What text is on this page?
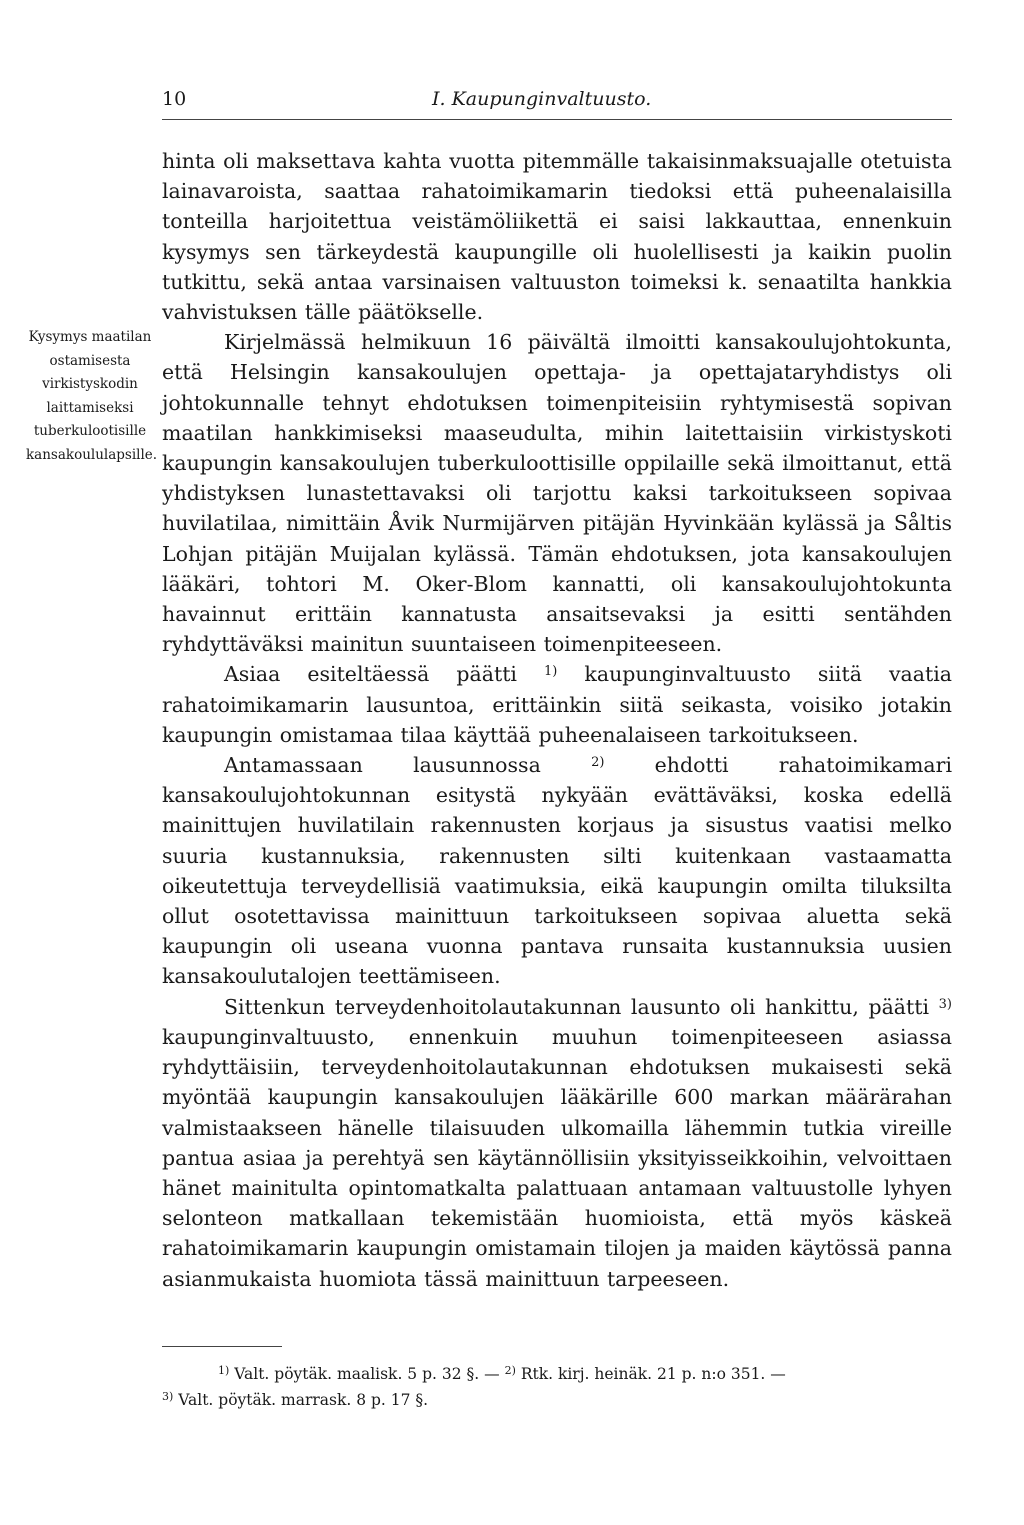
10	I. Kaupunginvaltuusto.
Kysymys maatilan ostamisesta virkistyskodin laittamiseksi tuberkulootisille kansakoululapsille.

hinta oli maksettava kahta vuotta pitemmälle takaisinmaksuajalle otetuista lainavaroista, saattaa rahatoimikamarin tiedoksi että puheenalaisilla tonteilla harjoitettua veistämöliikettä ei saisi lakkauttaa, ennenkuin kysymys sen tärkeydestä kaupungille oli huolellisesti ja kaikin puolin tutkittu, sekä antaa varsinaisen valtuuston toimeksi k. senaatilta hankkia vahvistuksen tälle päätökselle.

Kirjelmässä helmikuun 16 päivältä ilmoitti kansakoulujohtokunta, että Helsingin kansakoulujen opettaja- ja opettajataryhdistys oli johtokunnalle tehnyt ehdotuksen toimenpiteisiin ryhtymisestä sopivan maatilan hankkimiseksi maaseudulta, mihin laitettaisiin virkistyskoti kaupungin kansakoulujen tuberkuloottisille oppilaille sekä ilmoittanut, että yhdistyksen lunastettavaksi oli tarjottu kaksi tarkoitukseen sopivaa huvilatilaa, nimittäin Åvik Nurmijärven pitäjän Hyvinkään kylässä ja Såltis Lohjan pitäjän Muijalan kylässä. Tämän ehdotuksen, jota kansakoulujen lääkäri, tohtori M. Oker-Blom kannatti, oli kansakoulujohtokunta havainnut erittäin kannatusta ansaitsevaksi ja esitti sentähden ryhdyttäväksi mainitun suuntaiseen toimenpiteeseen.

Asiaa esiteltäessä päätti $^{1)}$ kaupunginvaltuusto siitä vaatia rahatoimikamarin lausuntoa, erittäinkin siitä seikasta, voisiko jotakin kaupungin omistamaa tilaa käyttää puheenalaiseen tarkoitukseen.

Antamassaan lausunnossa	$^{2)}$ ehdotti rahatoimikamari kansakoulujohtokunnan esitystä nykyään evättäväksi, koska edellä mainittujen huvilatilain rakennusten korjaus ja sisustus vaatisi melko suuria kustannuksia, rakennusten silti kuitenkaan vastaamatta oikeutettuja terveydellisiä vaatimuksia, eikä kaupungin omilta tiluksilta ollut osotettavissa mainittuun tarkoitukseen sopivaa aluetta sekä kaupungin oli useana vuonna pantava runsaita kustannuksia uusien kansakoulutalojen teettämiseen.

Sittenkun terveydenhoitolautakunnan lausunto oli hankittu, päätti $^{3)}$ kaupunginvaltuusto, ennenkuin muuhun toimenpiteeseen asiassa ryhdyttäisiin, terveydenhoitolautakunnan ehdotuksen mukaisesti sekä myöntää kaupungin kansakoulujen lääkärille 600 markan määrärahan valmistaakseen hänelle tilaisuuden ulkomailla lähemmin tutkia vireille pantua asiaa ja perehtyä sen käytännöllisiin yksityisseikkoihin, velvoittaen hänet mainitulta opintomatkalta palattuaan antamaan valtuustolle lyhyen selonteon matkallaan tekemistään huomioista, että myös käskeä rahatoimikamarin kaupungin omistamain tilojen ja maiden käytössä panna asianmukaista huomiota tässä mainittuun tarpeeseen.

$^{1)}$ Valt. pöytäk. maalisk. 5 p. 32 §. — $^{2)}$ Rtk. kirj. heinäk. 21 p. n:o 351. —

$^{3)}$ Valt. pöytäk. marrask. 8 p. 17 §.
